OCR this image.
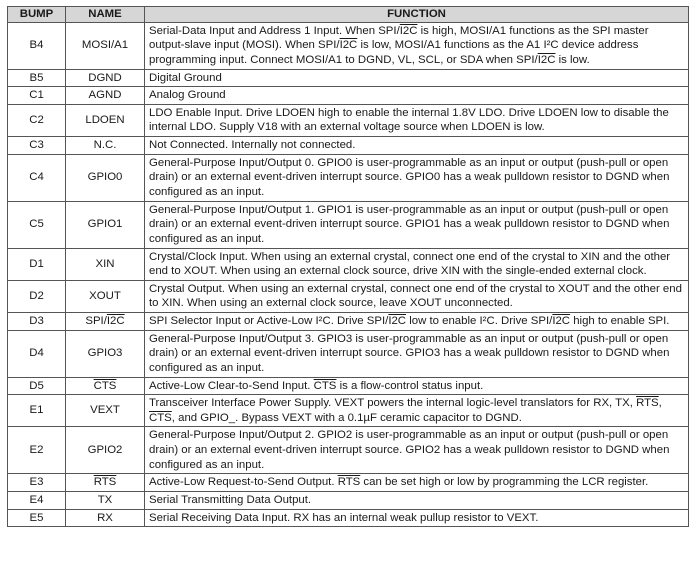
BUMP	NAME	FUNCTION
B4	MOSI/A1	Serial-Data Input and Address 1 Input. When SPI/I2C is high, MOSI/A1 functions as the SPI master output-slave input (MOSI). When SPI/I2C is low, MOSI/A1 functions as the A1 I²C device address programming input. Connect MOSI/A1 to DGND, VL, SCL, or SDA when SPI/I2C is low.
B5	DGND	Digital Ground
C1	AGND	Analog Ground
C2	LDOEN	LDO Enable Input. Drive LDOEN high to enable the internal 1.8V LDO. Drive LDOEN low to disable the internal LDO. Supply V18 with an external voltage source when LDOEN is low.
C3	N.C.	Not Connected. Internally not connected.
C4	GPIO0	General-Purpose Input/Output 0. GPIO0 is user-programmable as an input or output (push-pull or open drain) or an external event-driven interrupt source. GPIO0 has a weak pulldown resistor to DGND when configured as an input.
C5	GPIO1	General-Purpose Input/Output 1. GPIO1 is user-programmable as an input or output (push-pull or open drain) or an external event-driven interrupt source. GPIO1 has a weak pulldown resistor to DGND when configured as an input.
D1	XIN	Crystal/Clock Input. When using an external crystal, connect one end of the crystal to XIN and the other end to XOUT. When using an external clock source, drive XIN with the single-ended external clock.
D2	XOUT	Crystal Output. When using an external crystal, connect one end of the crystal to XOUT and the other end to XIN. When using an external clock source, leave XOUT unconnected.
D3	SPI/I2C	SPI Selector Input or Active-Low I²C. Drive SPI/I2C low to enable I²C. Drive SPI/I2C high to enable SPI.
D4	GPIO3	General-Purpose Input/Output 3. GPIO3 is user-programmable as an input or output (push-pull or open drain) or an external event-driven interrupt source. GPIO3 has a weak pulldown resistor to DGND when configured as an input.
D5	$\overline{CTS}$	Active-Low Clear-to-Send Input. $\overline{CTS}$ is a flow-control status input.
E1	VEXT	Transceiver Interface Power Supply. VEXT powers the internal logic-level translators for RX, TX, $\overline{RTS}$, $\overline{CTS}$, and GPIO_. Bypass VEXT with a 0.1µF ceramic capacitor to DGND.
E2	GPIO2	General-Purpose Input/Output 2. GPIO2 is user-programmable as an input or output (push-pull or open drain) or an external event-driven interrupt source. GPIO2 has a weak pulldown resistor to DGND when configured as an input.
E3	$\overline{RTS}$	Active-Low Request-to-Send Output. $\overline{RTS}$ can be set high or low by programming the LCR register.
E4	TX	Serial Transmitting Data Output.
E5	RX	Serial Receiving Data Input. RX has an internal weak pullup resistor to VEXT.
